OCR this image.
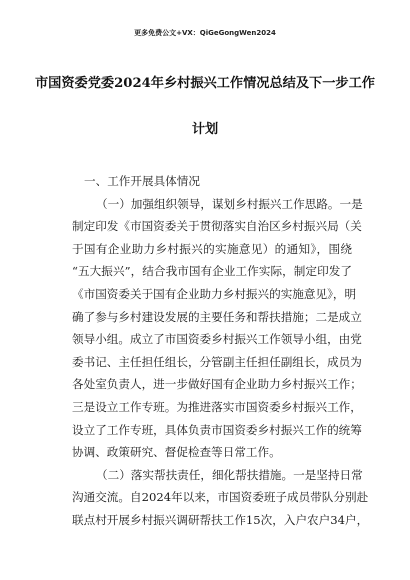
更多免费公文+VX：QiGeGongWen2024
市国资委党委2024年乡村振兴工作情况总结及下一步工作
计划
一、工作开展具体情况
（一）加强组织领导，谋划乡村振兴工作思路。一是
制定印发《市国资委关于贯彻落实自治区乡村振兴局（关
于国有企业助力乡村振兴的实施意见）的通知》，围绕
“五大振兴”，结合我市国有企业工作实际，制定印发了
《市国资委关于国有企业助力乡村振兴的实施意见》，明
确了参与乡村建设发展的主要任务和帮扶措施；二是成立
领导小组。成立了市国资委乡村振兴工作领导小组，由党
委书记、主任担任组长，分管副主任担任副组长，成员为
各处室负责人，进一步做好国有企业助力乡村振兴工作；
三是设立工作专班。为推进落实市国资委乡村振兴工作，
设立了工作专班，具体负责市国资委乡村振兴工作的统筹
协调、政策研究、督促检查等日常工作。
（二）落实帮扶责任，细化帮扶措施。一是坚持日常
沟通交流。自2024年以来，市国资委班子成员带队分别赴
联点村开展乡村振兴调研帮扶工作15次，入户农户34户，
